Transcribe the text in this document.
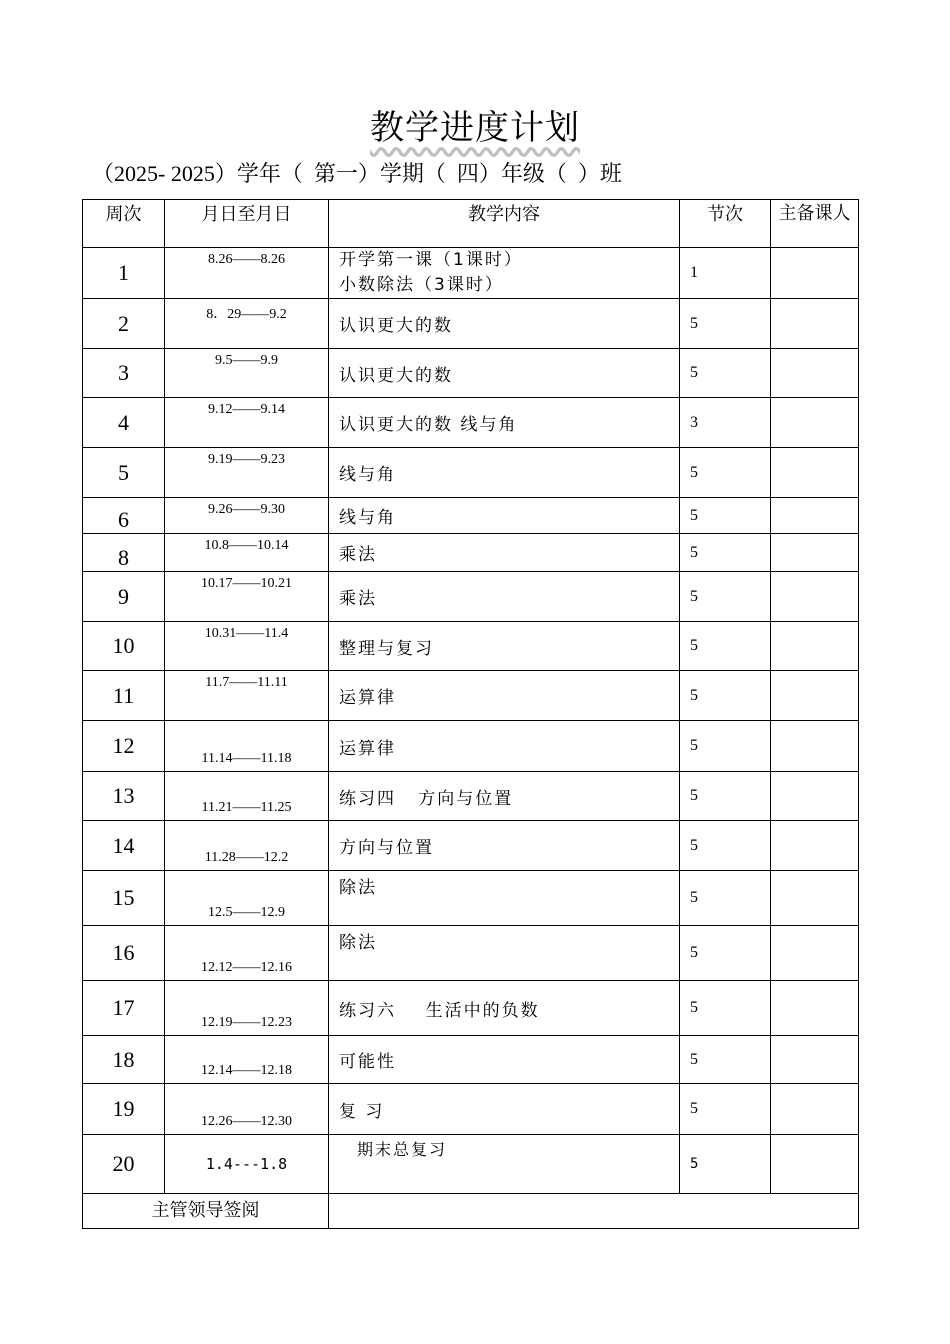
教学进度计划
（2025- 2025）学年（  第一）学期（  四）年级（  ）班
周次	月日至月日	教学内容	节次	主备课人
1	8.26——8.26	开学第一课（1课时）
小数除法（3课时）	1	
2	8．29——9.2	认识更大的数	5	
3	9.5——9.9	认识更大的数	5	
4	9.12——9.14	认识更大的数 线与角	3	
5	9.19——9.23	线与角	5	
6	9.26——9.30	线与角	5	
8	10.8——10.14	乘法	5	
9	10.17——10.21	乘法	5	
10	10.31——11.4	整理与复习	5	
11	11.7——11.11	运算律	5	
12	11.14——11.18	运算律	5	
13	11.21——11.25	练习四   方向与位置	5	
14	11.28——12.2	方向与位置	5	
15	12.5——12.9	除法	5	
16	12.12——12.16	除法	5	
17	12.19——12.23	练习六    生活中的负数	5	
18	12.14——12.18	可能性	5	
19	12.26——12.30	复 习	5	
20	1.4---1.8	期末总复习	5	
主管领导签阅				
